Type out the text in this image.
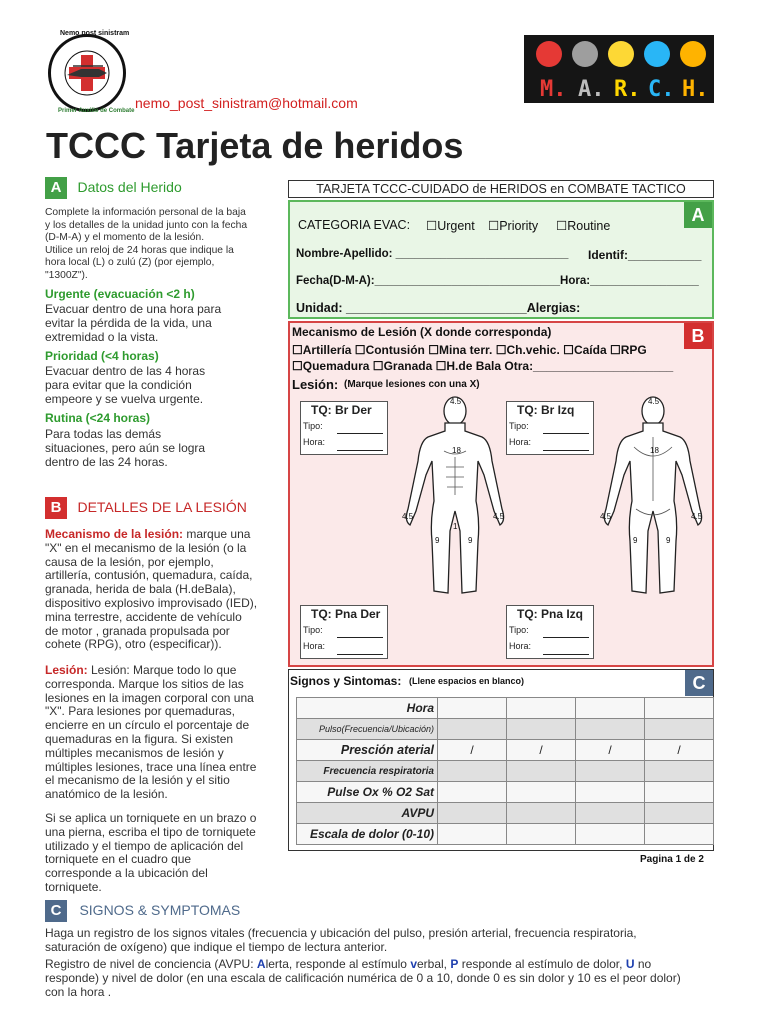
Nemo post sinistram
Primer Auxilio de Combate nemo_post_sinistram@hotmail.com
M. A. R. C. H.
TCCC Tarjeta de heridos
A Datos del Herido
Complete la información personal de la baja
y los detalles de la unidad junto con la fecha
(D-M-A) y el momento de la lesión.
Utilice un reloj de 24 horas que indique la
hora local (L) o zulú (Z) (por ejemplo,
"1300Z").
Urgente (evacuación <2 h)
Evacuar dentro de una hora para
evitar la pérdida de la vida, una
extremidad o la vista.
Prioridad (<4 horas)
Evacuar dentro de las 4 horas
para evitar que la condición
empeore y se vuelva urgente.
Rutina (<24 horas)
Para todas las demás
situaciones, pero aún se logra
dentro de las 24 horas.
B DETALLES DE LA LESIÓN
Mecanismo de la lesión: marque una
"X" en el mecanismo de la lesión (o la
causa de la lesión, por ejemplo,
artillería, contusión, quemadura, caída,
granada, herida de bala (H.deBala),
dispositivo explosivo improvisado (IED),
mina terrestre, accidente de vehículo
de motor , granada propulsada por
cohete (RPG), otro (especificar)).
Lesión: Lesión: Marque todo lo que
corresponda. Marque los sitios de las
lesiones en la imagen corporal con una
"X". Para lesiones por quemaduras,
encierre en un círculo el porcentaje de
quemaduras en la figura. Si existen
múltiples mecanismos de lesión y
múltiples lesiones, trace una línea entre
el mecanismo de la lesión y el sitio
anatómico de la lesión.
Si se aplica un torniquete en un brazo o
una pierna, escriba el tipo de torniquete
utilizado y el tiempo de aplicación del
torniquete en el cuadro que
corresponde a la ubicación del
torniquete.
TARJETA TCCC-CUIDADO de HERIDOS en COMBATE TACTICO
A
CATEGORIA EVAC: ☐Urgent ☐Priority ☐Routine
Nombre-Apellido: ___________________________ Identif:___________
Fecha(D-M-A):_____________________________Hora:_________________
Unidad: __________________________Alergias:
B
Mecanismo de Lesión (X donde corresponda)
☐Artillería ☐Contusión ☐Mina terr. ☐Ch.vehic. ☐Caída ☐RPG
☐Quemadura ☐Granada ☐H.de Bala Otra:_____________________
Lesión: (Marque lesiones con una X)
TQ: Br Der
Tipo:
Hora:
TQ: Br Izq
Tipo:
Hora:
TQ: Pna Der
Tipo:
Hora:
TQ: Pna Izq
Tipo:
Hora:
4.5
18
4.5	4.5
1
9	9
4.5
18
4.5	4.5
9	9
C
Signos y Sintomas: (Llene espacios en blanco)
Hora				
Pulso(Frecuencia/Ubicación)				
Presción aterial	/	/	/	/
Frecuencia respiratoria				
Pulse Ox % O2 Sat				
AVPU				
Escala de dolor (0-10)				
Pagina 1 de 2
C SIGNOS & SYMPTOMAS
Haga un registro de los signos vitales (frecuencia y ubicación del pulso, presión arterial, frecuencia respiratoria,
saturación de oxígeno) que indique el tiempo de lectura anterior.
Registro de nivel de conciencia (AVPU: Alerta, responde al estímulo verbal, P responde al estímulo de dolor, U no
responde) y nivel de dolor (en una escala de calificación numérica de 0 a 10, donde 0 es sin dolor y 10 es el peor dolor)
con la hora .
